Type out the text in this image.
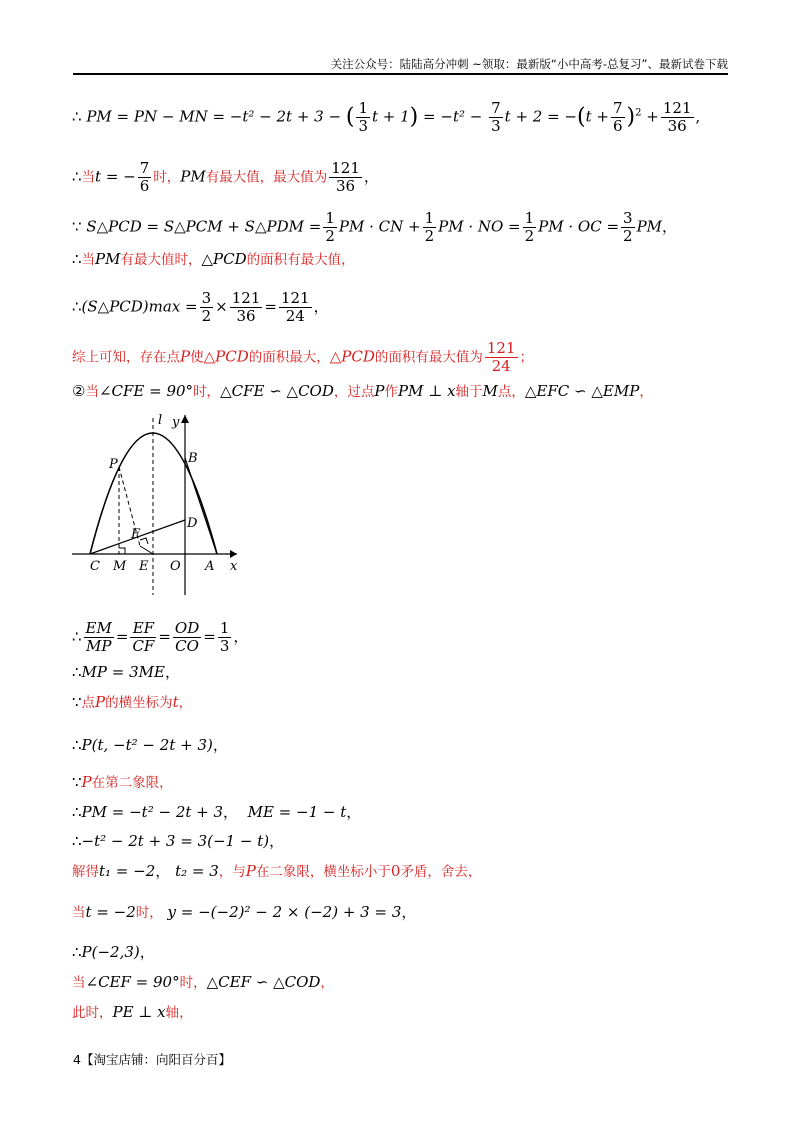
关注公众号：陆陆高分冲刺 ~领取：最新版“小中高考-总复习”、最新试卷下载
∴ PM = PN − MN = −t² − 2t + 3 − ( $\frac{1}{3}$ $t + 1) = -t^2 - \frac{7}{3}$ $t + 2 = -(t + \frac{7}{6} )^2 + \frac{121}{36}$ ,
∴当t = − $\frac{7}{6}$ 时，PM有最大值，最大值为 $\frac{121}{36}$ ，
∵ S△PCD = S△PCM + S△PDM = $\frac{1}{2}$ PM · CN + $\frac{1}{2}$ PM · NO = $\frac{1}{2}$ PM · OC = $\frac{3}{2}$ PM，
∴当PM有最大值时，△PCD的面积有最大值，
∴(S△PCD)max = $\frac{3}{2} \times \frac{121}{36} = \frac{121}{24}$ ，
综上可知，存在点P使△PCD的面积最大，△PCD的面积有最大值为 $\frac{121}{24}$ ；
②当∠CFE = 90°时，△CFE ∽ △COD，过点P作PM ⊥ x轴于M点，△EFC ∽ △EMP，
l y
x
P	B
D
F
C M E O A
∴ $\frac{EM}{MP} = \frac{EF}{CF} = \frac{OD}{CO} = \frac{1}{3}$ ，
∴MP = 3ME，
∵点P的横坐标为t，
∴P(t, −t² − 2t + 3)，
∵P在第二象限，
∴PM = −t² − 2t + 3， ME = −1 − t，
∴−t² − 2t + 3 = 3(−1 − t)，
解得t₁ = −2， t₂ = 3，与P在二象限，横坐标小于0矛盾，舍去，
当t = −2时， y = −(−2)² − 2 × (−2) + 3 = 3，
∴P(−2,3)，
当∠CEF = 90°时，△CEF ∽ △COD，
此时，PE ⊥ x轴，
4【淘宝店铺：向阳百分百】
